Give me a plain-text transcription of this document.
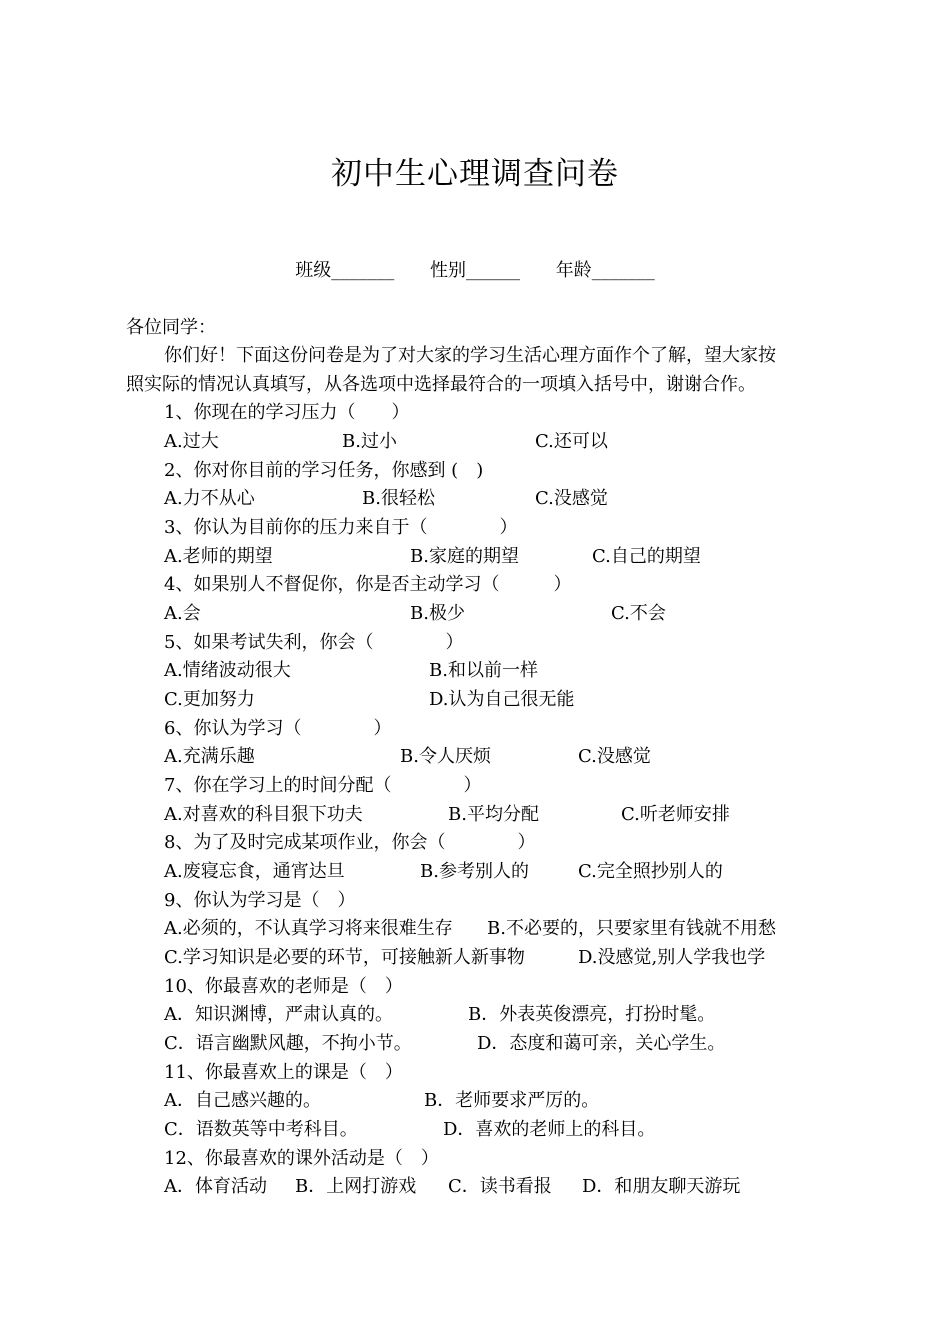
初中生心理调查问卷
班级_______ 性别______ 年龄_______
各位同学：
你们好！下面这份问卷是为了对大家的学习生活心理方面作个了解，望大家按
照实际的情况认真填写，从各选项中选择最符合的一项填入括号中，谢谢合作。
1、你现在的学习压力（　　）
A.过大	B.过小	C.还可以
2、你对你目前的学习任务，你感到 (　)
A.力不从心	B.很轻松	C.没感觉
3、你认为目前你的压力来自于（　　　　）
A.老师的期望	B.家庭的期望	C.自己的期望
4、如果别人不督促你，你是否主动学习（　　　）
A.会	B.极少	C.不会
5、如果考试失利，你会（　　　　）
A.情绪波动很大	B.和以前一样
C.更加努力	D.认为自己很无能
6、你认为学习（　　　　）
A.充满乐趣	B.令人厌烦	C.没感觉
7、你在学习上的时间分配（　　　　）
A.对喜欢的科目狠下功夫	B.平均分配	C.听老师安排
8、为了及时完成某项作业，你会（　　　　）
A.废寝忘食，通宵达旦	B.参考别人的	C.完全照抄别人的
9、你认为学习是（　）
A.必须的，不认真学习将来很难生存 B.不必要的，只要家里有钱就不用愁
C.学习知识是必要的环节，可接触新人新事物	D.没感觉,别人学我也学
10、你最喜欢的老师是（　）
A．知识渊博，严肃认真的。	B．外表英俊漂亮，打扮时髦。
C．语言幽默风趣，不拘小节。	D．态度和蔼可亲，关心学生。
11、你最喜欢上的课是（　）
A．自己感兴趣的。	B．老师要求严厉的。
C．语数英等中考科目。	D．喜欢的老师上的科目。
12、你最喜欢的课外活动是（　）
A．体育活动 B．上网打游戏 C．读书看报 D．和朋友聊天游玩
